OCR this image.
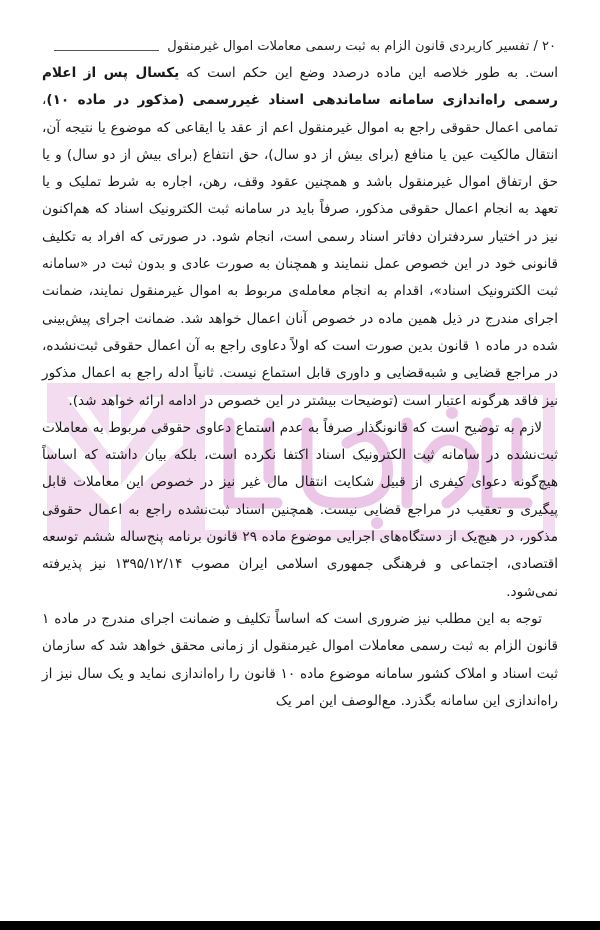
۲۰ / تفسیر کاربردی قانون الزام به ثبت رسمی معاملات اموال غیرمنقول

است. به طور خلاصه این ماده درصدد وضع این حکم است که یکسال پس از اعلام رسمی راه‌اندازی سامانه ساماندهی اسناد غیررسمی (مذکور در ماده ۱۰)، تمامی اعمال حقوقی راجع به اموال غیرمنقول اعم از عقد یا ایقاعی که موضوع یا نتیجه آن، انتقال مالکیت عین یا منافع (برای بیش از دو سال)، حق انتفاع (برای بیش از دو سال) و یا حق ارتفاق اموال غیرمنقول باشد و همچنین عقود وقف، رهن، اجاره به شرط تملیک و یا تعهد به انجام اعمال حقوقی مذکور، صرفاً باید در سامانه ثبت الکترونیک اسناد که هم‌اکنون نیز در اختیار سردفتران دفاتر اسناد رسمی است، انجام شود. در صورتی که افراد به تکلیف قانونی خود در این خصوص عمل ننمایند و همچنان به صورت عادی و بدون ثبت در «سامانه ثبت الکترونیک اسناد»، اقدام به انجام معامله‌ی مربوط به اموال غیرمنقول نمایند، ضمانت اجرای مندرج در ذیل همین ماده در خصوص آنان اعمال خواهد شد. ضمانت اجرای پیش‌بینی شده در ماده ۱ قانون بدین صورت است که اولاً دعاوی راجع به آن اعمال حقوقی ثبت‌نشده، در مراجع قضایی و شبه‌قضایی و داوری قابل استماع نیست. ثانیاً ادله راجع به اعمال مذکور نیز فاقد هرگونه اعتبار است (توضیحات بیشتر در این خصوص در ادامه ارائه خواهد شد).

لازم به توضیح است که قانونگذار صرفاً به عدم استماع دعاوی حقوقی مربوط به معاملات ثبت‌نشده در سامانه ثبت الکترونیک اسناد اکتفا نکرده است، بلکه بیان داشته که اساساً هیچ‌گونه دعوای کیفری از قبیل شکایت انتقال مال غیر نیز در خصوص این معاملات قابل پیگیری و تعقیب در مراجع قضایی نیست. همچنین اسناد ثبت‌نشده راجع به اعمال حقوقی مذکور، در هیچ‌یک از دستگاه‌های اجرایی موضوع ماده ۲۹ قانون برنامه پنج‌ساله ششم توسعه اقتصادی، اجتماعی و فرهنگی جمهوری اسلامی ایران مصوب ۱۳۹۵/۱۲/۱۴ نیز پذیرفته نمی‌شود.

توجه به این مطلب نیز ضروری است که اساساً تکلیف و ضمانت اجرای مندرج در ماده ۱ قانون الزام به ثبت رسمی معاملات اموال غیرمنقول از زمانی محقق خواهد شد که سازمان ثبت اسناد و املاک کشور سامانه موضوع ماده ۱۰ قانون را راه‌اندازی نماید و یک سال نیز از راه‌اندازی این سامانه بگذرد. مع‌الوصف این امر یک
